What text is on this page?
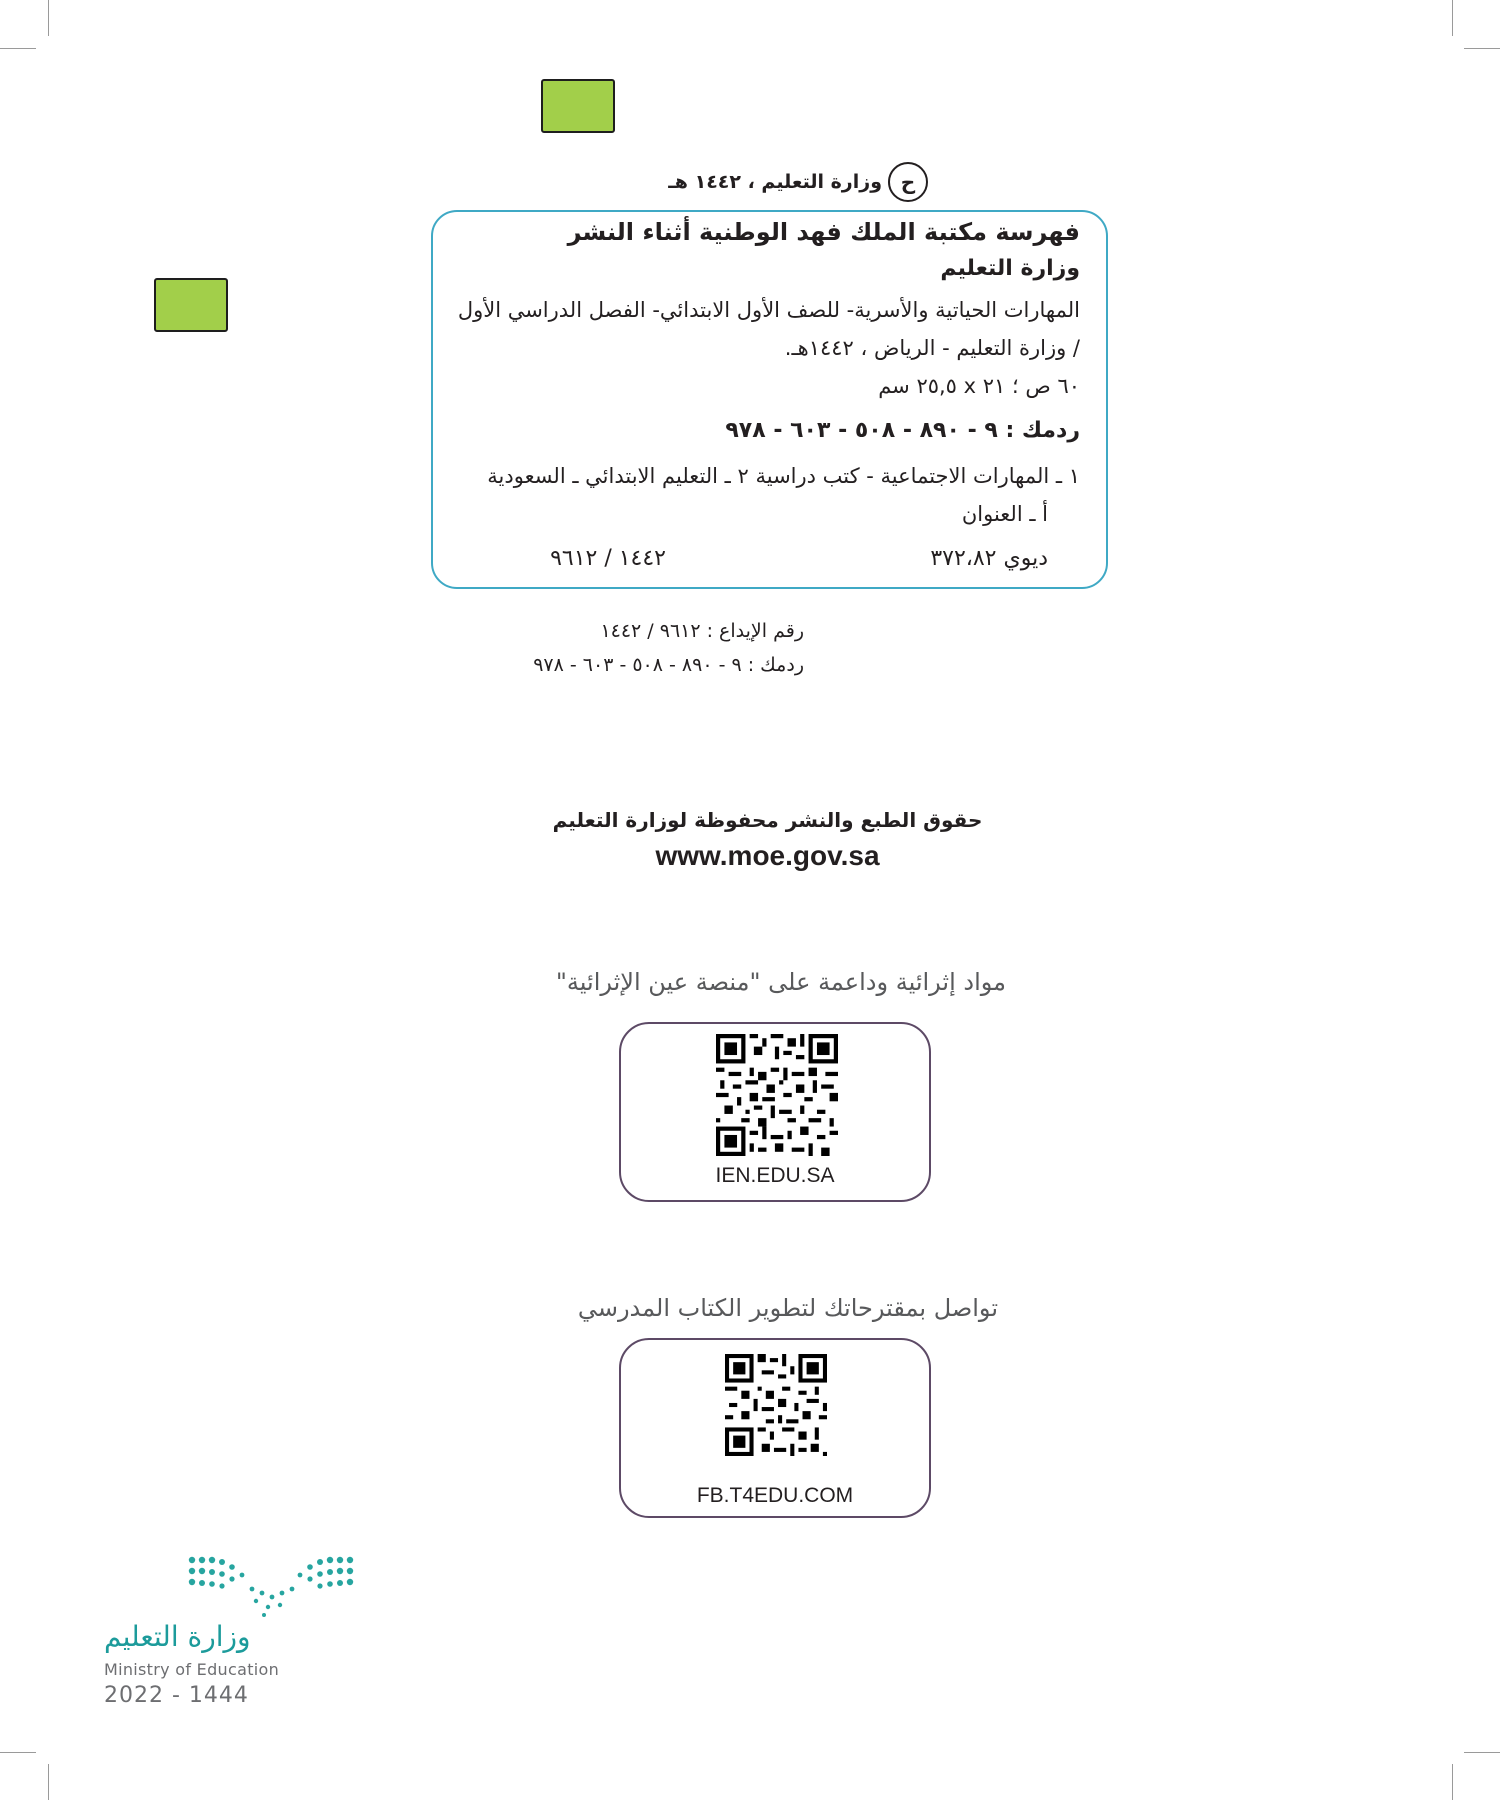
ح
وزارة التعليم ، ١٤٤٢ هـ
فهرسة مكتبة الملك فهد الوطنية أثناء النشر
وزارة التعليم
المهارات الحياتية والأسرية- للصف الأول الابتدائي- الفصل الدراسي الأول
/ وزارة التعليم - الرياض ، ١٤٤٢هـ.
٦٠ ص ؛ ٢١ x ٢٥,٥ سم
ردمك : ٩ - ٨٩٠ - ٥٠٨ - ٦٠٣ - ٩٧٨
١ ـ المهارات الاجتماعية - كتب دراسية ٢ ـ التعليم الابتدائي ـ السعودية
أ ـ العنوان
ديوي ٣٧٢،٨٢
١٤٤٢ / ٩٦١٢
رقم الإيداع : ٩٦١٢ / ١٤٤٢
ردمك : ٩ - ٨٩٠ - ٥٠٨ - ٦٠٣ - ٩٧٨
حقوق الطبع والنشر محفوظة لوزارة التعليم
www.moe.gov.sa
مواد إثرائية وداعمة على "منصة عين الإثرائية"
IEN.EDU.SA
تواصل بمقترحاتك لتطوير الكتاب المدرسي
FB.T4EDU.COM
وزارة التعليم
Ministry of Education
2022 - 1444
